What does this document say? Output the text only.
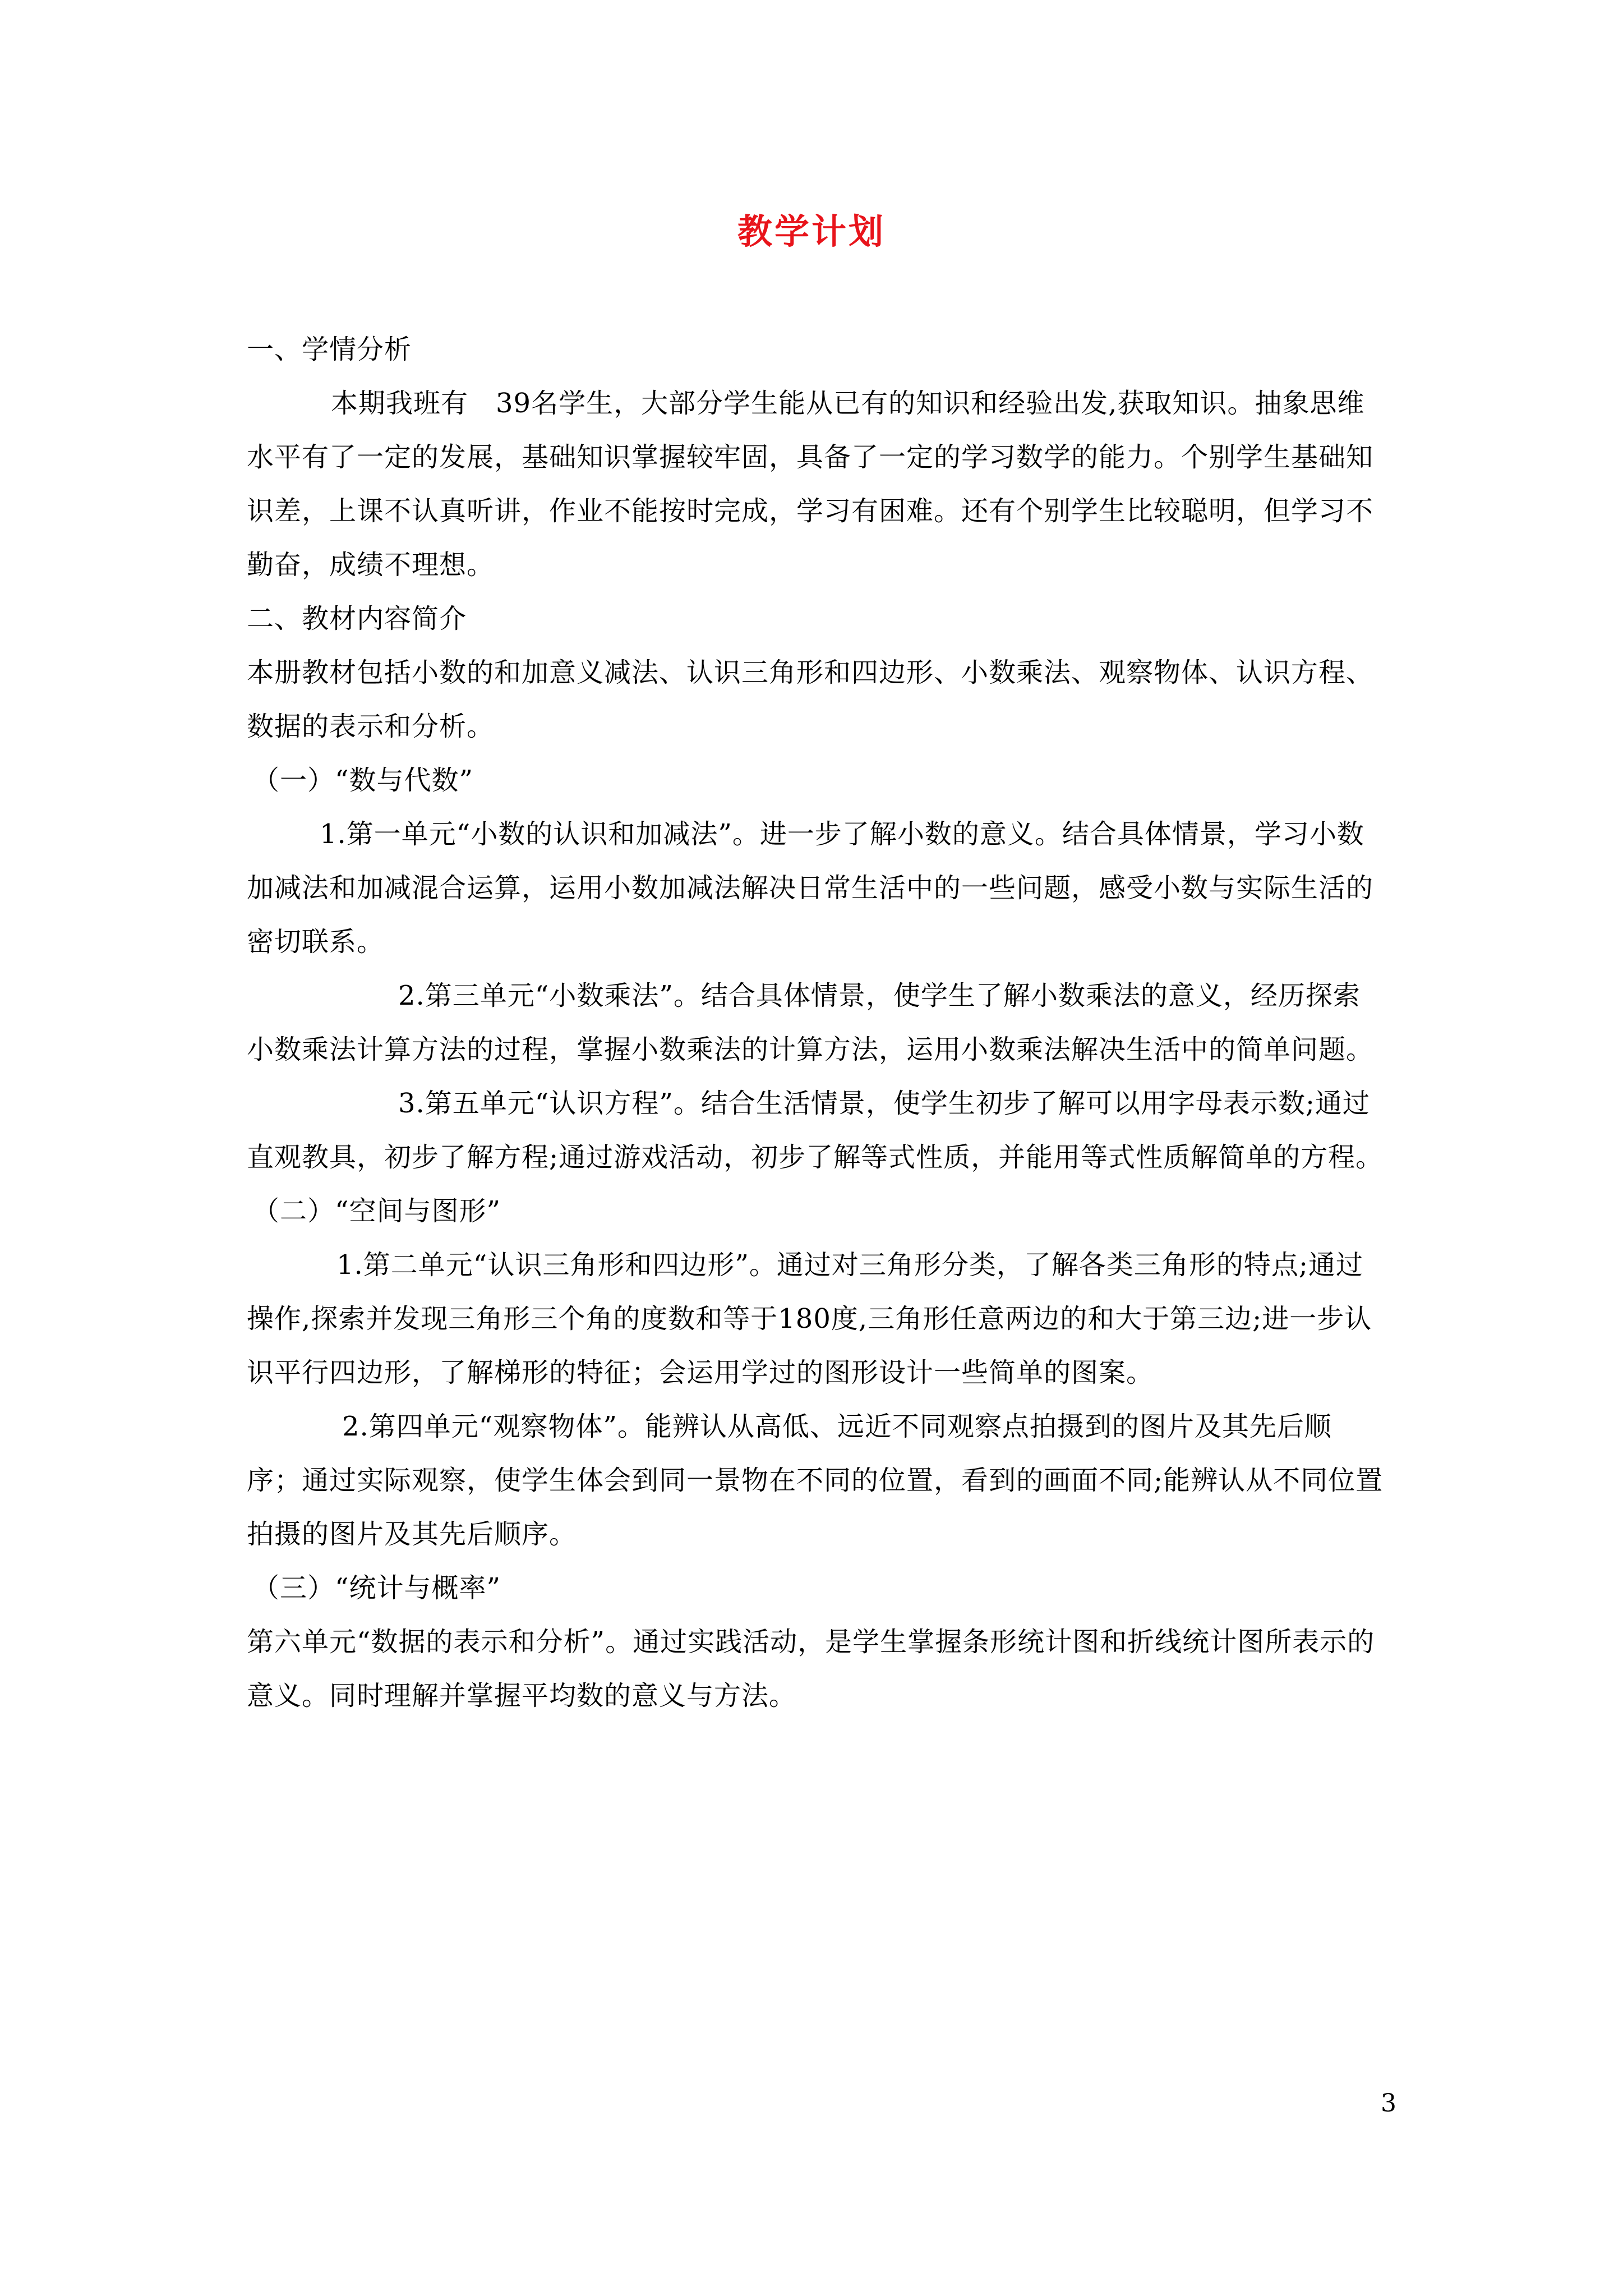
教学计划

一、学情分析

本期我班有　39名学生，大部分学生能从已有的知识和经验出发,获取知识。抽象思维水平有了一定的发展，基础知识掌握较牢固，具备了一定的学习数学的能力。个别学生基础知识差，上课不认真听讲，作业不能按时完成，学习有困难。还有个别学生比较聪明，但学习不勤奋，成绩不理想。

二、教材内容简介

本册教材包括小数的和加意义减法、认识三角形和四边形、小数乘法、观察物体、认识方程、数据的表示和分析。

（一）“数与代数”

1.第一单元“小数的认识和加减法”。进一步了解小数的意义。结合具体情景，学习小数加减法和加减混合运算，运用小数加减法解决日常生活中的一些问题，感受小数与实际生活的密切联系。

2.第三单元“小数乘法”。结合具体情景，使学生了解小数乘法的意义，经历探索小数乘法计算方法的过程，掌握小数乘法的计算方法，运用小数乘法解决生活中的简单问题。

3.第五单元“认识方程”。结合生活情景，使学生初步了解可以用字母表示数;通过直观教具，初步了解方程;通过游戏活动，初步了解等式性质，并能用等式性质解简单的方程。

（二）“空间与图形”

1.第二单元“认识三角形和四边形”。通过对三角形分类，了解各类三角形的特点;通过操作,探索并发现三角形三个角的度数和等于180度,三角形任意两边的和大于第三边;进一步认识平行四边形，了解梯形的特征；会运用学过的图形设计一些简单的图案。

2.第四单元“观察物体”。能辨认从高低、远近不同观察点拍摄到的图片及其先后顺序；通过实际观察，使学生体会到同一景物在不同的位置，看到的画面不同;能辨认从不同位置拍摄的图片及其先后顺序。

（三）“统计与概率”

第六单元“数据的表示和分析”。通过实践活动，是学生掌握条形统计图和折线统计图所表示的意义。同时理解并掌握平均数的意义与方法。

3
